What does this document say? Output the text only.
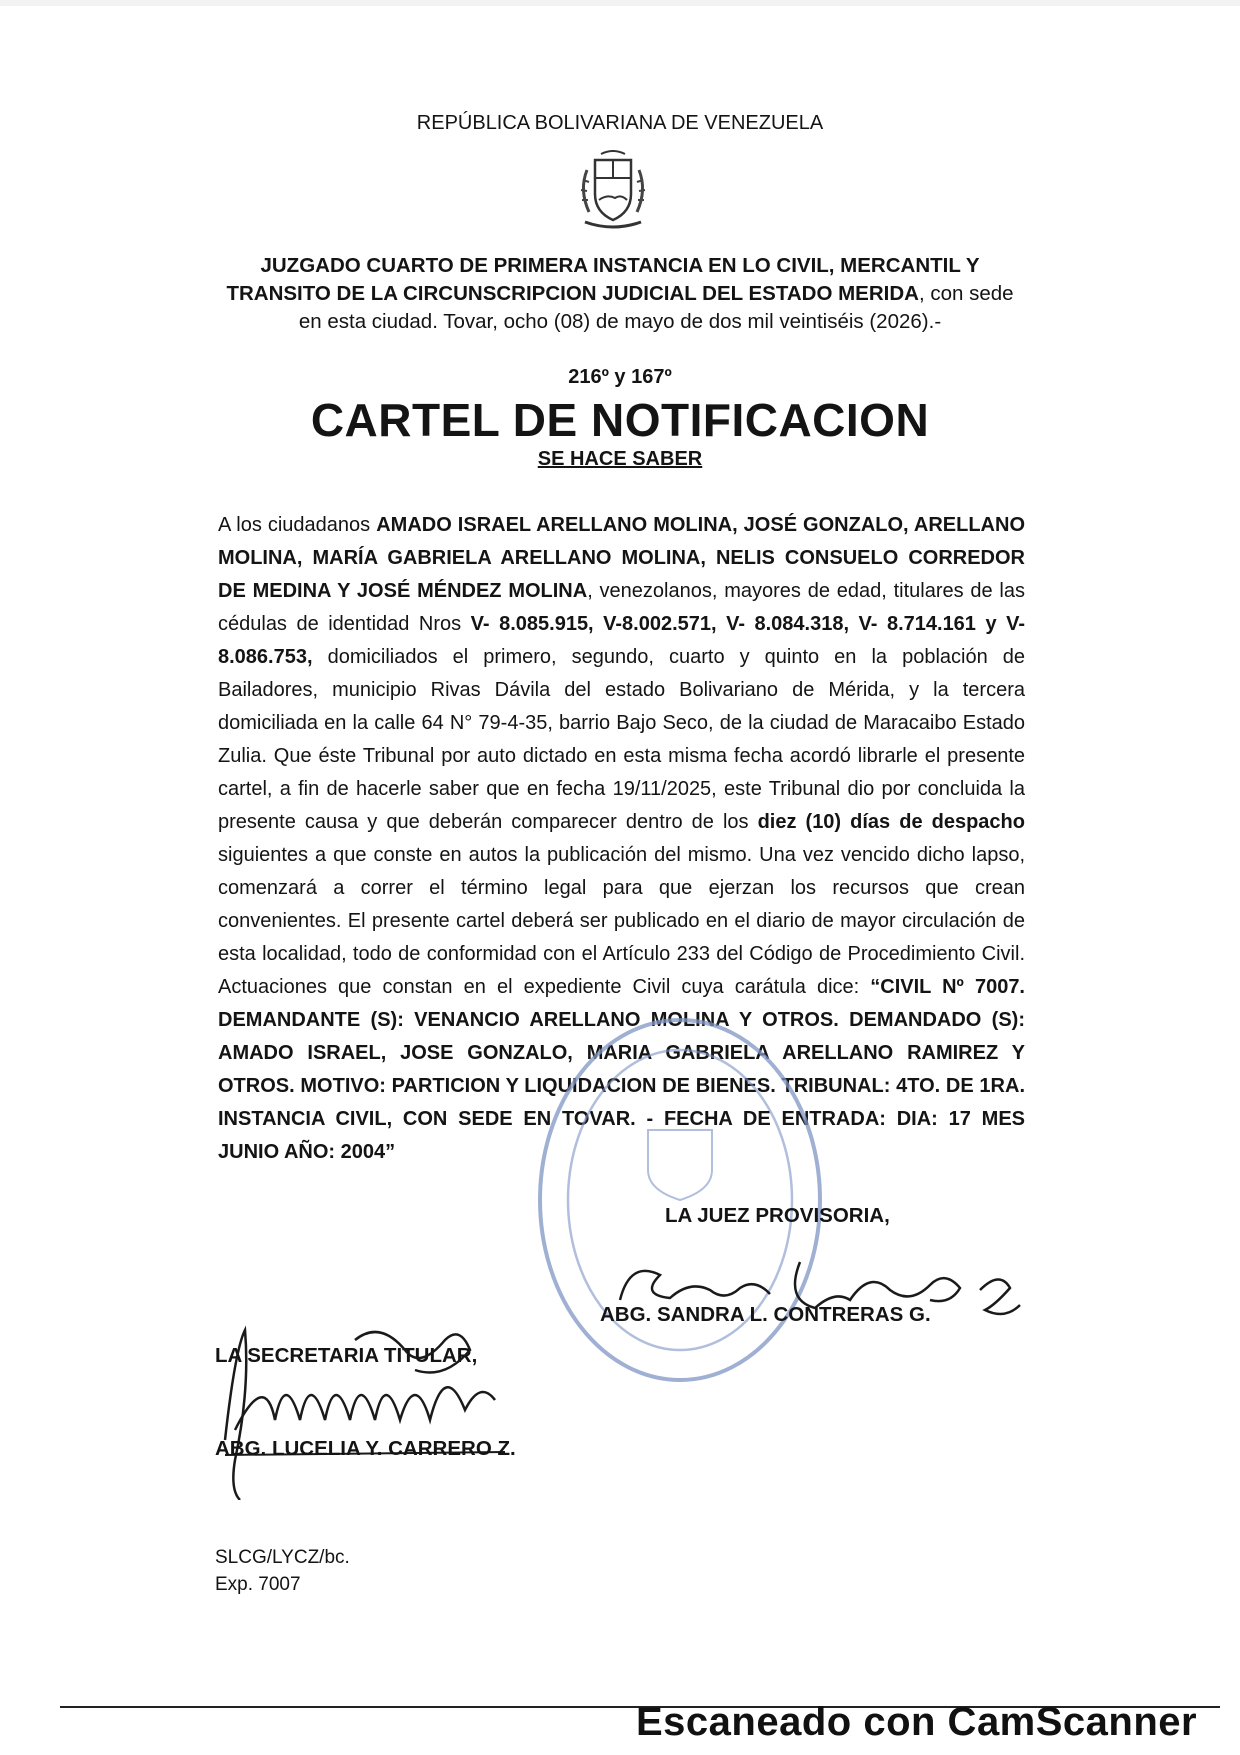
REPÚBLICA BOLIVARIANA DE VENEZUELA
JUZGADO CUARTO DE PRIMERA INSTANCIA EN LO CIVIL, MERCANTIL Y TRANSITO DE LA CIRCUNSCRIPCION JUDICIAL DEL ESTADO MERIDA, con sede en esta ciudad. Tovar, ocho (08) de mayo de dos mil veintiséis (2026).-
216º y 167º
CARTEL DE NOTIFICACION
SE HACE SABER
A los ciudadanos AMADO ISRAEL ARELLANO MOLINA, JOSÉ GONZALO, ARELLANO MOLINA, MARÍA GABRIELA ARELLANO MOLINA, NELIS CONSUELO CORREDOR DE MEDINA Y JOSÉ MÉNDEZ MOLINA, venezolanos, mayores de edad, titulares de las cédulas de identidad Nros V- 8.085.915, V-8.002.571, V- 8.084.318, V- 8.714.161 y V- 8.086.753, domiciliados el primero, segundo, cuarto y quinto en la población de Bailadores, municipio Rivas Dávila del estado Bolivariano de Mérida, y la tercera domiciliada en la calle 64 N° 79-4-35, barrio Bajo Seco, de la ciudad de Maracaibo Estado Zulia. Que éste Tribunal por auto dictado en esta misma fecha acordó librarle el presente cartel, a fin de hacerle saber que en fecha 19/11/2025, este Tribunal dio por concluida la presente causa y que deberán comparecer dentro de los diez (10) días de despacho siguientes a que conste en autos la publicación del mismo. Una vez vencido dicho lapso, comenzará a correr el término legal para que ejerzan los recursos que crean convenientes. El presente cartel deberá ser publicado en el diario de mayor circulación de esta localidad, todo de conformidad con el Artículo 233 del Código de Procedimiento Civil. Actuaciones que constan en el expediente Civil cuya carátula dice: “CIVIL Nº 7007. DEMANDANTE (S): VENANCIO ARELLANO MOLINA Y OTROS. DEMANDADO (S): AMADO ISRAEL, JOSE GONZALO, MARIA GABRIELA ARELLANO RAMIREZ Y OTROS. MOTIVO: PARTICION Y LIQUIDACION DE BIENES. TRIBUNAL: 4TO. DE 1RA. INSTANCIA CIVIL, CON SEDE EN TOVAR. - FECHA DE ENTRADA: DIA: 17 MES JUNIO AÑO: 2004”
LA JUEZ PROVISORIA,
ABG. SANDRA L. CONTRERAS G.
LA SECRETARIA TITULAR,
ABG. LUCELIA Y. CARRERO Z.
SLCG/LYCZ/bc.
Exp. 7007
Escaneado con CamScanner
